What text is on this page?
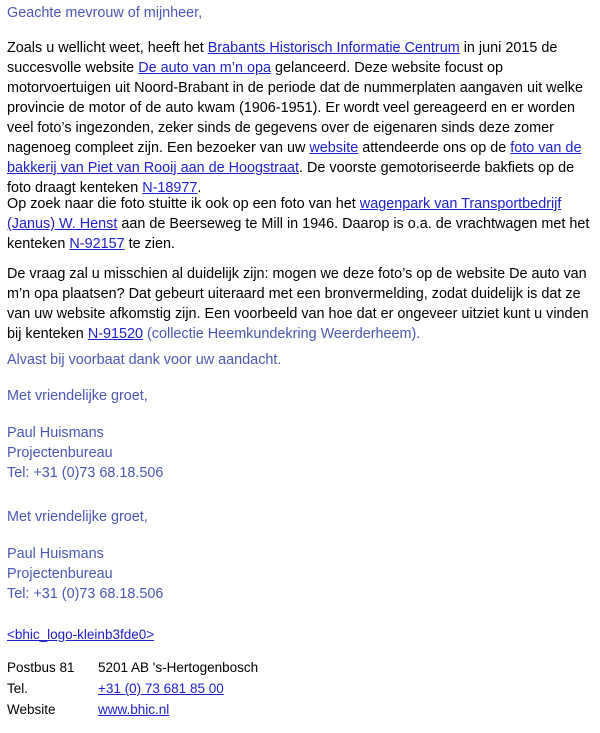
Geachte mevrouw of mijnheer,
Zoals u wellicht weet, heeft het Brabants Historisch Informatie Centrum in juni 2015 de succesvolle website De auto van m’n opa gelanceerd. Deze website focust op motorvoertuigen uit Noord-Brabant in de periode dat de nummerplaten aangaven uit welke provincie de motor of de auto kwam (1906-1951). Er wordt veel gereageerd en er worden veel foto’s ingezonden, zeker sinds de gegevens over de eigenaren sinds deze zomer nagenoeg compleet zijn. Een bezoeker van uw website attendeerde ons op de foto van de bakkerij van Piet van Rooij aan de Hoogstraat. De voorste gemotoriseerde bakfiets op de foto draagt kenteken N-18977.
Op zoek naar die foto stuitte ik ook op een foto van het wagenpark van Transportbedrijf (Janus) W. Henst aan de Beerseweg te Mill in 1946. Daarop is o.a. de vrachtwagen met het kenteken N-92157 te zien.
De vraag zal u misschien al duidelijk zijn: mogen we deze foto’s op de website De auto van m’n opa plaatsen? Dat gebeurt uiteraard met een bronvermelding, zodat duidelijk is dat ze van uw website afkomstig zijn. Een voorbeeld van hoe dat er ongeveer uitziet kunt u vinden bij kenteken N-91520 (collectie Heemkundekring Weerderheem).
Alvast bij voorbaat dank voor uw aandacht.
Met vriendelijke groet,
Paul Huismans
Projectenbureau
Tel: +31 (0)73 68.18.506
Met vriendelijke groet,
Paul Huismans
Projectenbureau
Tel: +31 (0)73 68.18.506
<bhic_logo-kleinb3fde0>
Postbus 81	5201 AB 's-Hertogenbosch
Tel.	+31 (0) 73 681 85 00
Website	www.bhic.nl
